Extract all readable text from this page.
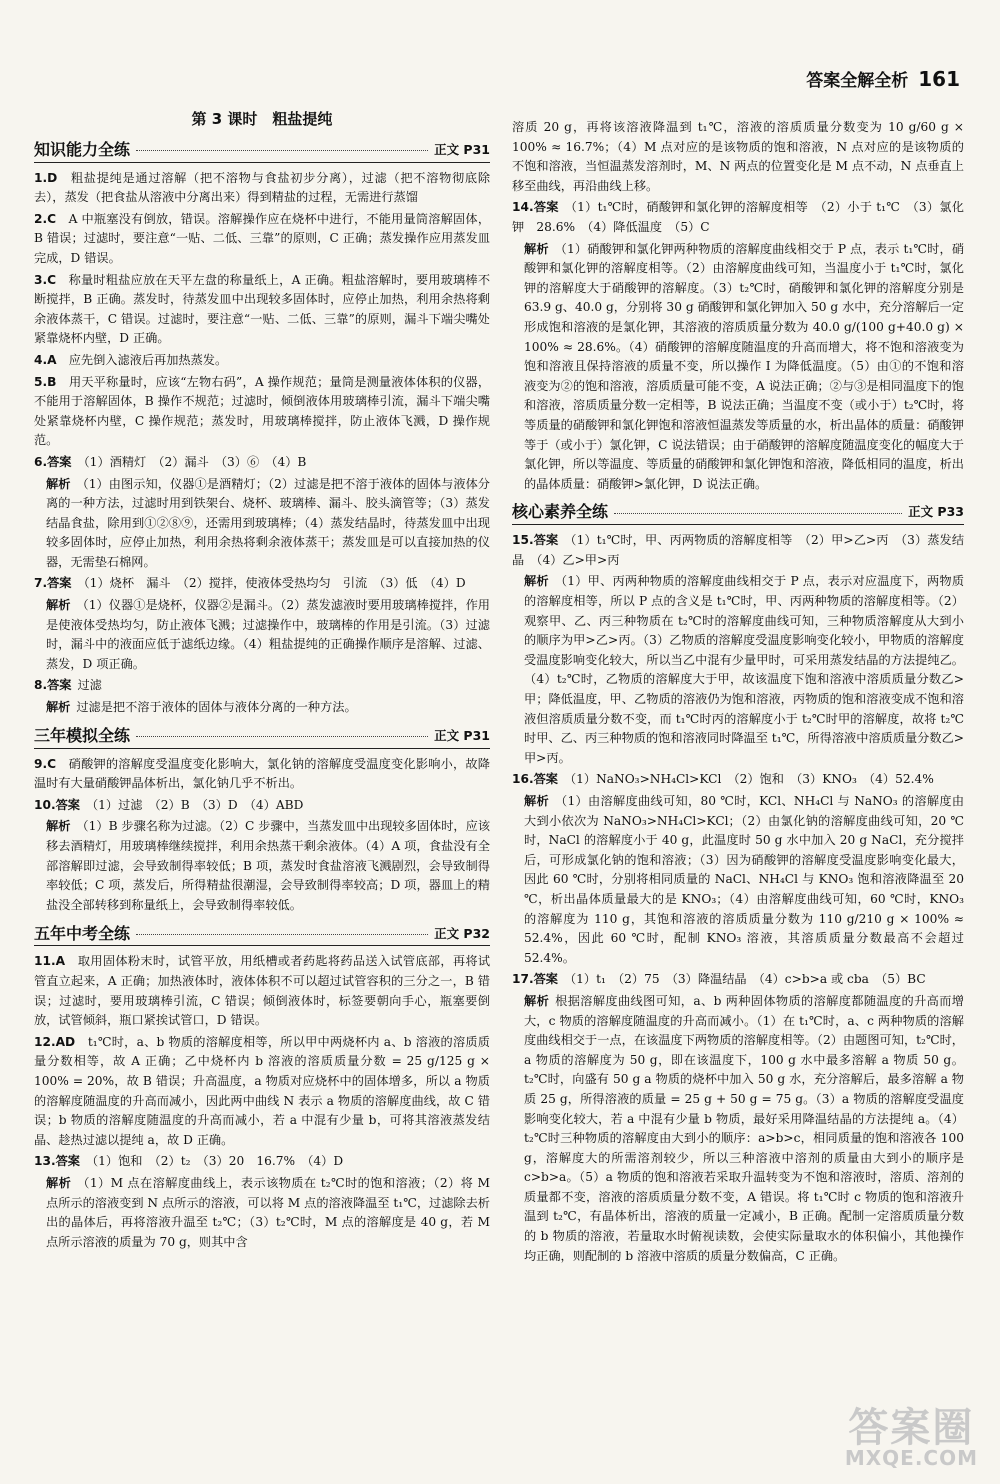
答案全解全析 161
第 3 课时　粗盐提纯
知识能力全练	正文 P31

1.D　 粗盐提纯是通过溶解（把不溶物与食盐初步分离），过滤（把不溶物彻底除去），蒸发（把食盐从溶液中分离出来）得到精盐的过程，无需进行蒸馏

2.C　 A 中瓶塞没有倒放，错误。溶解操作应在烧杯中进行，不能用量筒溶解固体，B 错误；过滤时，要注意“一贴、二低、三靠”的原则，C 正确；蒸发操作应用蒸发皿完成，D 错误。

3.C　 称量时粗盐应放在天平左盘的称量纸上，A 正确。粗盐溶解时，要用玻璃棒不断搅拌，B 正确。蒸发时，待蒸发皿中出现较多固体时，应停止加热，利用余热将剩余液体蒸干，C 错误。过滤时，要注意“一贴、二低、三靠”的原则，漏斗下端尖嘴处紧靠烧杯内壁，D 正确。

4.A　 应先倒入滤液后再加热蒸发。

5.B　 用天平称量时，应该“左物右码”，A 操作规范；量筒是测量液体体积的仪器，不能用于溶解固体，B 操作不规范；过滤时，倾倒液体用玻璃棒引流，漏斗下端尖嘴处紧靠烧杯内壁，C 操作规范；蒸发时，用玻璃棒搅拌，防止液体飞溅，D 操作规范。

6.答案 （1）酒精灯　（2）漏斗　（3）⑥　（4）B

解析 （1）由图示知，仪器①是酒精灯；（2）过滤是把不溶于液体的固体与液体分离的一种方法，过滤时用到铁架台、烧杯、玻璃棒、漏斗、胶头滴管等；（3）蒸发结晶食盐，除用到①②⑧⑨，还需用到玻璃棒；（4）蒸发结晶时，待蒸发皿中出现较多固体时，应停止加热，利用余热将剩余液体蒸干；蒸发皿是可以直接加热的仪器，无需垫石棉网。

7.答案 （1）烧杯　漏斗　（2）搅拌，使液体受热均匀　引流　（3）低　（4）D

解析 （1）仪器①是烧杯，仪器②是漏斗。（2）蒸发滤液时要用玻璃棒搅拌，作用是使液体受热均匀，防止液体飞溅；过滤操作中，玻璃棒的作用是引流。（3）过滤时，漏斗中的液面应低于滤纸边缘。（4）粗盐提纯的正确操作顺序是溶解、过滤、蒸发，D 项正确。

8.答案 过滤

解析 过滤是把不溶于液体的固体与液体分离的一种方法。

三年模拟全练	正文 P31

9.C　 硝酸钾的溶解度受温度变化影响大，氯化钠的溶解度受温度变化影响小，故降温时有大量硝酸钾晶体析出，氯化钠几乎不析出。

10.答案 （1）过滤　（2）B　（3）D　（4）ABD

解析 （1）B 步骤名称为过滤。（2）C 步骤中，当蒸发皿中出现较多固体时，应该移去酒精灯，用玻璃棒继续搅拌，利用余热蒸干剩余液体。（4）A 项，食盐没有全部溶解即过滤，会导致制得率较低；B 项，蒸发时食盐溶液飞溅剧烈，会导致制得率较低；C 项，蒸发后，所得精盐很潮湿，会导致制得率较高；D 项，器皿上的精盐没全部转移到称量纸上，会导致制得率较低。

五年中考全练	正文 P32

11.A　 取用固体粉末时，试管平放，用纸槽或者药匙将药品送入试管底部，再将试管直立起来，A 正确；加热液体时，液体体积不可以超过试管容积的三分之一，B 错误；过滤时，要用玻璃棒引流，C 错误；倾倒液体时，标签要朝向手心，瓶塞要倒放，试管倾斜，瓶口紧挨试管口，D 错误。

12.AD　 t₁℃时，a、b 物质的溶解度相等，所以甲中两烧杯内 a、b 溶液的溶质质量分数相等，故 A 正确；乙中烧杯内 b 溶液的溶质质量分数 = 25 g/125 g × 100% = 20%，故 B 错误；升高温度，a 物质对应烧杯中的固体增多，所以 a 物质的溶解度随温度的升高而减小，因此两中曲线 N 表示 a 物质的溶解度曲线，故 C 错误；b 物质的溶解度随温度的升高而减小，若 a 中混有少量 b，可将其溶液蒸发结晶、趁热过滤以提纯 a，故 D 正确。

13.答案 （1）饱和　（2）t₂　（3）20　16.7%　（4）D

解析 （1）M 点在溶解度曲线上，表示该物质在 t₂℃时的饱和溶液；（2）将 M 点所示的溶液变到 N 点所示的溶液，可以将 M 点的溶液降温至 t₁℃，过滤除去析出的晶体后，再将溶液升温至 t₂℃；（3）t₂℃时，M 点的溶解度是 40 g，若 M 点所示溶液的质量为 70 g，则其中含

溶质 20 g，再将该溶液降温到 t₁℃，溶液的溶质质量分数变为 10 g/60 g × 100% ≈ 16.7%；（4）M 点对应的是该物质的饱和溶液，N 点对应的是该物质的不饱和溶液，当恒温蒸发溶剂时，M、N 两点的位置变化是 M 点不动，N 点垂直上移至曲线，再沿曲线上移。

14.答案 （1）t₁℃时，硝酸钾和氯化钾的溶解度相等　（2）小于 t₁℃　（3）氯化钾　28.6%　（4）降低温度　（5）C

解析 （1）硝酸钾和氯化钾两种物质的溶解度曲线相交于 P 点，表示 t₁℃时，硝酸钾和氯化钾的溶解度相等。（2）由溶解度曲线可知，当温度小于 t₁℃时，氯化钾的溶解度大于硝酸钾的溶解度。（3）t₂℃时，硝酸钾和氯化钾的溶解度分别是 63.9 g、40.0 g，分别将 30 g 硝酸钾和氯化钾加入 50 g 水中，充分溶解后一定形成饱和溶液的是氯化钾，其溶液的溶质质量分数为 40.0 g/(100 g+40.0 g) × 100% ≈ 28.6%。（4）硝酸钾的溶解度随温度的升高而增大，将不饱和溶液变为饱和溶液且保持溶液的质量不变，所以操作 I 为降低温度。（5）由①的不饱和溶液变为②的饱和溶液，溶质质量可能不变，A 说法正确；②与③是相同温度下的饱和溶液，溶质质量分数一定相等，B 说法正确；当温度不变（或小于）t₂℃时，将等质量的硝酸钾和氯化钾饱和溶液恒温蒸发等质量的水，析出晶体的质量：硝酸钾等于（或小于）氯化钾，C 说法错误；由于硝酸钾的溶解度随温度变化的幅度大于氯化钾，所以等温度、等质量的硝酸钾和氯化钾饱和溶液，降低相同的温度，析出的晶体质量：硝酸钾>氯化钾，D 说法正确。

核心素养全练	正文 P33

15.答案 （1）t₁℃时，甲、丙两物质的溶解度相等　（2）甲>乙>丙　（3）蒸发结晶　（4）乙>甲>丙

解析 （1）甲、丙两种物质的溶解度曲线相交于 P 点，表示对应温度下，两物质的溶解度相等，所以 P 点的含义是 t₁℃时，甲、丙两种物质的溶解度相等。（2）观察甲、乙、丙三种物质在 t₂℃时的溶解度曲线可知，三种物质溶解度从大到小的顺序为甲>乙>丙。（3）乙物质的溶解度受温度影响变化较小，甲物质的溶解度受温度影响变化较大，所以当乙中混有少量甲时，可采用蒸发结晶的方法提纯乙。（4）t₂℃时，乙物质的溶解度大于甲，故该温度下饱和溶液中溶质质量分数乙>甲；降低温度，甲、乙物质的溶液仍为饱和溶液，丙物质的饱和溶液变成不饱和溶液但溶质质量分数不变，而 t₁℃时丙的溶解度小于 t₂℃时甲的溶解度，故将 t₂℃时甲、乙、丙三种物质的饱和溶液同时降温至 t₁℃，所得溶液中溶质质量分数乙>甲>丙。

16.答案 （1）NaNO₃>NH₄Cl>KCl　（2）饱和　（3）KNO₃　（4）52.4%

解析 （1）由溶解度曲线可知，80 ℃时，KCl、NH₄Cl 与 NaNO₃ 的溶解度由大到小依次为 NaNO₃>NH₄Cl>KCl；（2）由氯化钠的溶解度曲线可知，20 ℃时，NaCl 的溶解度小于 40 g，此温度时 50 g 水中加入 20 g NaCl，充分搅拌后，可形成氯化钠的饱和溶液；（3）因为硝酸钾的溶解度受温度影响变化最大，因此 60 ℃时，分别将相同质量的 NaCl、NH₄Cl 与 KNO₃ 饱和溶液降温至 20 ℃，析出晶体质量最大的是 KNO₃；（4）由溶解度曲线可知，60 ℃时，KNO₃ 的溶解度为 110 g，其饱和溶液的溶质质量分数为 110 g/210 g × 100% ≈ 52.4%，因此 60 ℃时，配制 KNO₃ 溶液，其溶质质量分数最高不会超过 52.4%。

17.答案 （1）t₁　（2）75　（3）降温结晶　（4）c>b>a 或 cba　（5）BC

解析 根据溶解度曲线图可知，a、b 两种固体物质的溶解度都随温度的升高而增大，c 物质的溶解度随温度的升高而减小。（1）在 t₁℃时，a、c 两种物质的溶解度曲线相交于一点，在该温度下两物质的溶解度相等。（2）由题图可知，t₂℃时，a 物质的溶解度为 50 g，即在该温度下，100 g 水中最多溶解 a 物质 50 g。t₂℃时，向盛有 50 g a 物质的烧杯中加入 50 g 水，充分溶解后，最多溶解 a 物质 25 g，所得溶液的质量 = 25 g + 50 g = 75 g。（3）a 物质的溶解度受温度影响变化较大，若 a 中混有少量 b 物质，最好采用降温结晶的方法提纯 a。（4）t₂℃时三种物质的溶解度由大到小的顺序：a>b>c，相同质量的饱和溶液各 100 g，溶解度大的所需溶剂较少，所以三种溶液中溶剂的质量由大到小的顺序是 c>b>a。（5）a 物质的饱和溶液若采取升温转变为不饱和溶液时，溶质、溶剂的质量都不变，溶液的溶质质量分数不变，A 错误。将 t₁℃时 c 物质的饱和溶液升温到 t₂℃，有晶体析出，溶液的质量一定减小，B 正确。配制一定溶质质量分数的 b 物质的溶液，若量取水时俯视读数，会使实际量取水的体积偏小，其他操作均正确，则配制的 b 溶液中溶质的质量分数偏高，C 正确。

答案圈
MXQE.COM
